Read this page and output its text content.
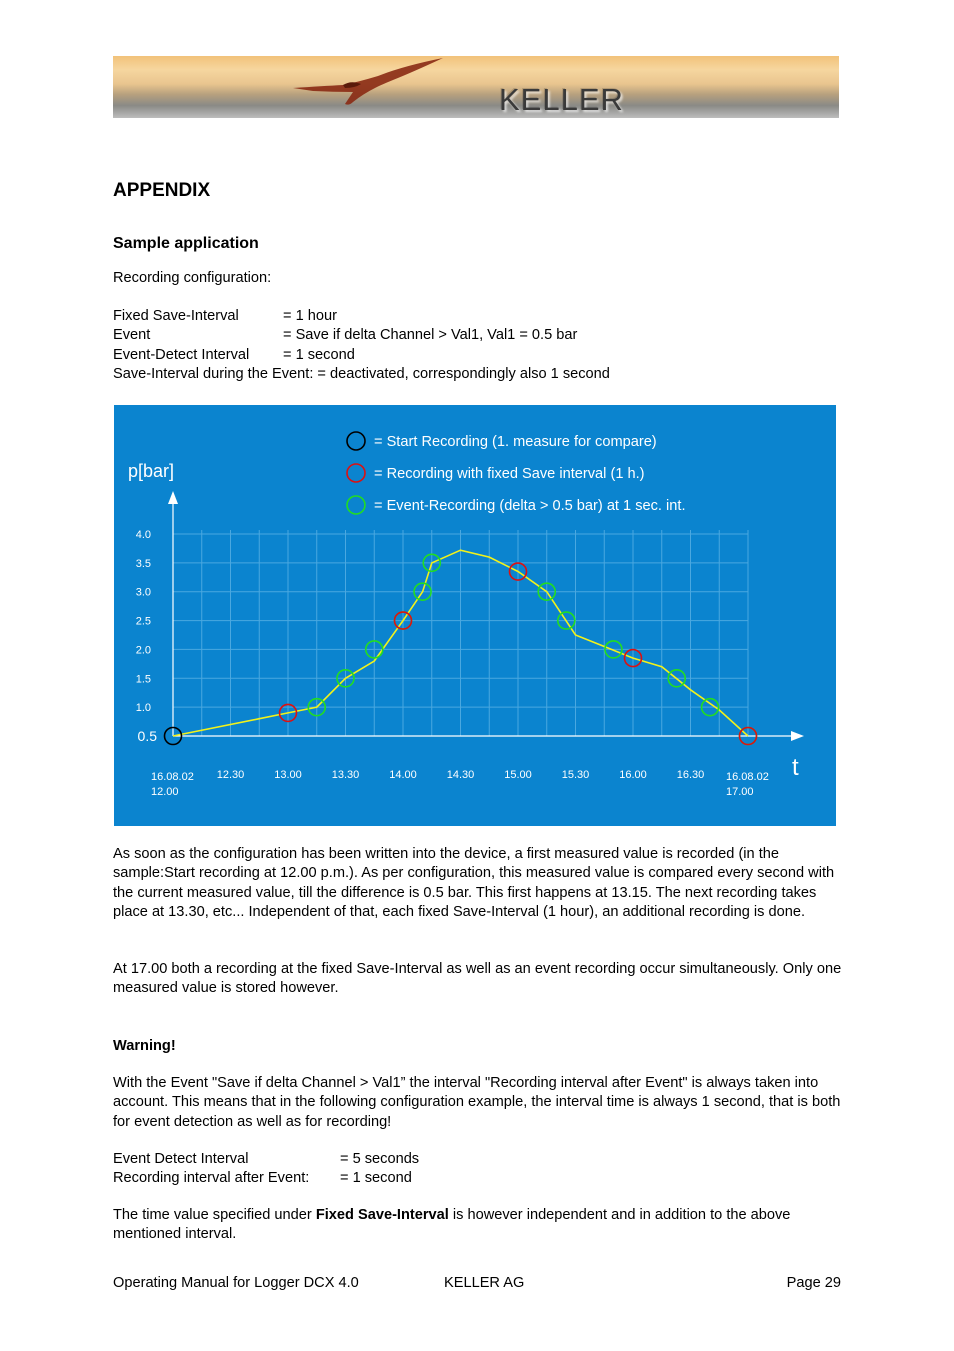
KELLER
APPENDIX
Sample application
Recording configuration:
Fixed Save-Interval	= 1 hour
Event	= Save if delta Channel > Val1, Val1 = 0.5 bar
Event-Detect Interval	= 1 second
Save-Interval during the Event: = deactivated, correspondingly also 1 second
p[bar]
t
4.0
3.5
3.0
2.5
2.0
1.5
1.0
0.5
16.08.02
12.00
12.30	13.00	13.30	14.00	14.30	15.00	15.30	16.00	16.30 16.08.02
17.00
= Start Recording (1. measure for compare)
= Recording with fixed Save interval (1 h.)
= Event-Recording (delta > 0.5 bar) at 1 sec. int.
As soon as the configuration has been written into the device, a first measured value is recorded (in the sample:Start recording at 12.00 p.m.). As per configuration, this measured value is compared every second with the current measured value, till the difference is 0.5 bar. This first happens at 13.15. The next recording takes place at 13.30, etc... Independent of that, each fixed Save-Interval (1 hour), an additional recording is done.
At 17.00 both a recording at the fixed Save-Interval as well as an event recording occur simultaneously. Only one measured value is stored however.
Warning!
With the Event "Save if delta Channel > Val1” the interval "Recording interval after Event" is always taken into account. This means that in the following configuration example, the interval time is always 1 second, that is both for event detection as well as for recording!
Event Detect Interval	= 5 seconds
Recording interval after Event:	= 1 second
The time value specified under Fixed Save-Interval is however independent and in addition to the above mentioned interval.
Operating Manual for Logger DCX 4.0	KELLER AG	Page 29
